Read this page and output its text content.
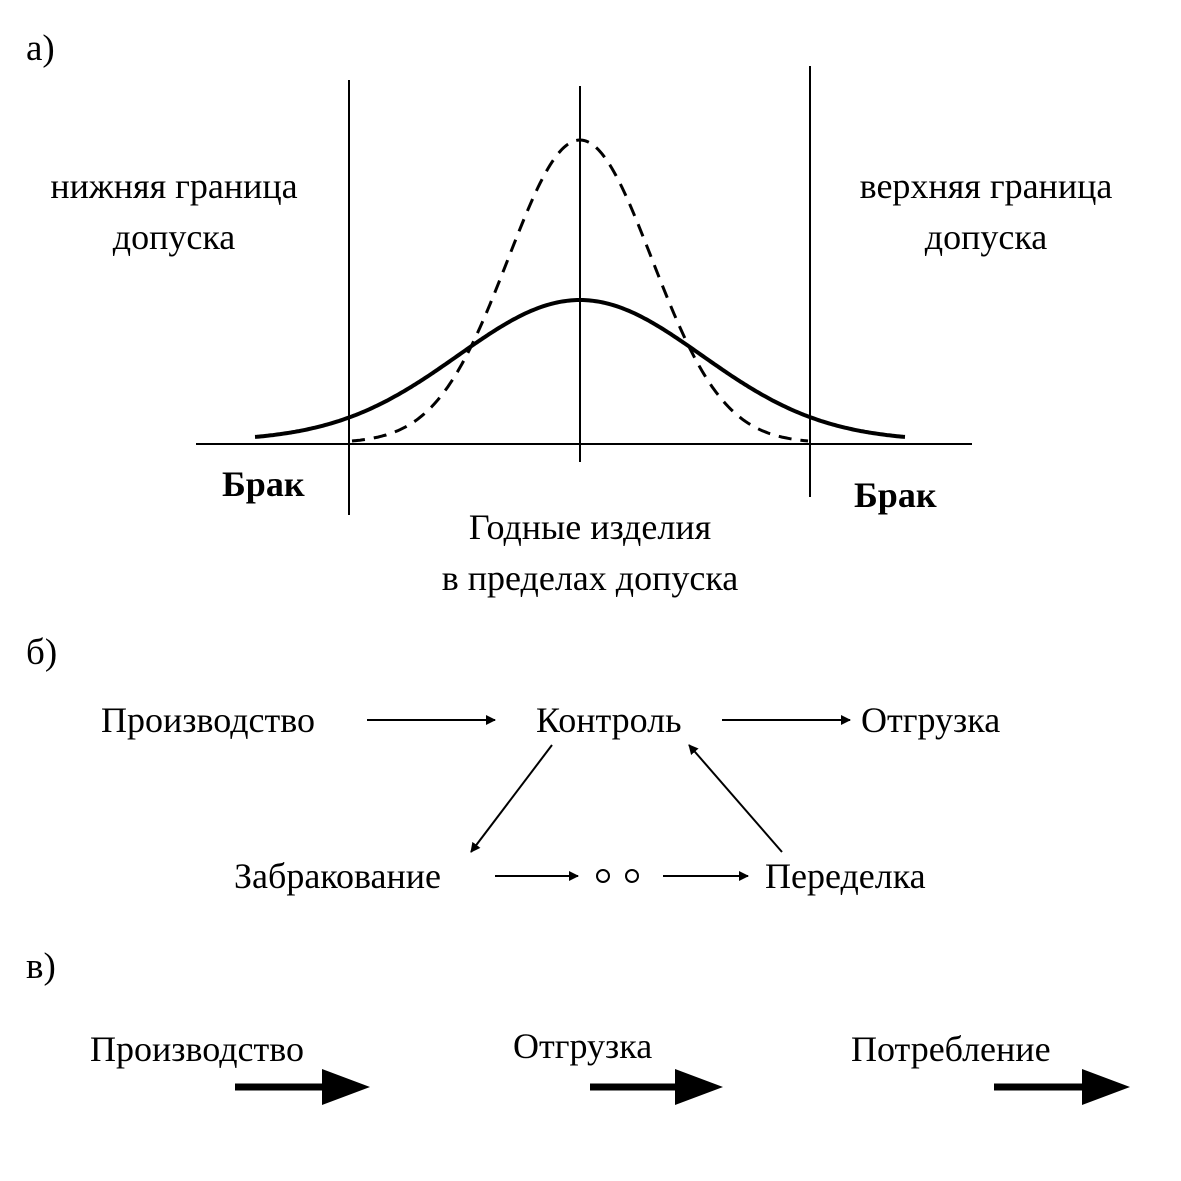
а)
нижняя граница
допуска
верхняя граница
допуска
Брак	Брак
Годные изделия
в пределах допуска
б)
Производство	Контроль	Отгрузка
Забракование	Переделка
в)
Производство	Отгрузка	Потребление
